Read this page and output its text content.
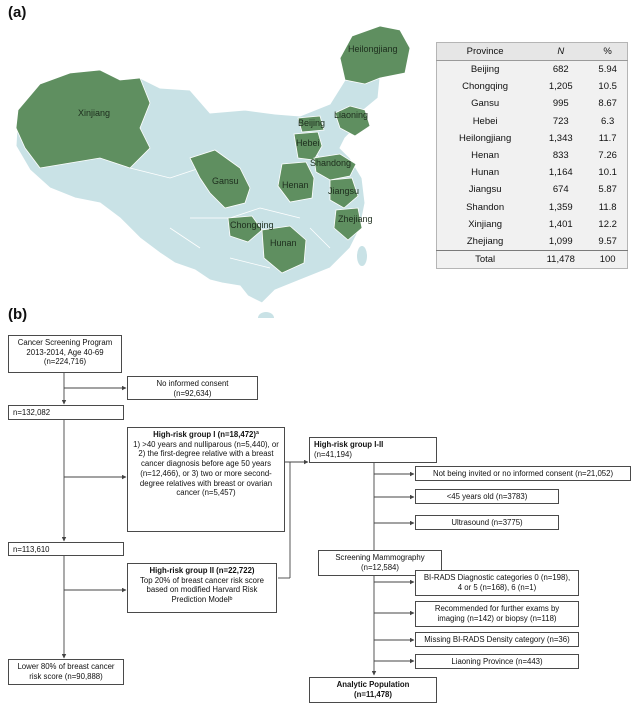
(a)
(b)
Xinjiang
Heilongjiang
Liaoning
Beijing
Hebei
Shandong
Gansu	Henan
Jiangsu
Chongqing
Zhejiang
Hunan
Province	N	%
Beijing	682	5.94
Chongqing	1,205	10.5
Gansu	995	8.67
Hebei	723	6.3
Heilongjiang	1,343	11.7
Henan	833	7.26
Hunan	1,164	10.1
Jiangsu	674	5.87
Shandon	1,359	11.8
Xinjiang	1,401	12.2
Zhejiang	1,099	9.57
Total	11,478	100
Cancer Screening Program
2013-2014, Age 40-69
(n=224,716)
No informed consent
(n=92,634)
n=132,082
High-risk group I (n=18,472)ª
1) >40 years and nulliparous (n=5,440), or 2) the first-degree relative with a breast cancer diagnosis before age 50 years (n=12,466), or 3) two or more second-degree relatives with breast or ovarian cancer (n=5,457)
n=113,610
High-risk group II (n=22,722)
Top 20% of breast cancer risk score based on modified Harvard Risk Prediction Modelᵇ
Lower 80% of breast cancer
risk score (n=90,888)
High-risk group I-II
(n=41,194)
Not being invited or no informed consent (n=21,052)
<45 years old (n=3783)
Ultrasound (n=3775)
Screening Mammography
(n=12,584)
BI-RADS Diagnostic categories 0 (n=198),
4 or 5 (n=168), 6 (n=1)
Recommended for further exams by
imaging (n=142) or biopsy (n=118)
Missing BI-RADS Density category (n=36)
Liaoning Province (n=443)
Analytic Population
(n=11,478)
